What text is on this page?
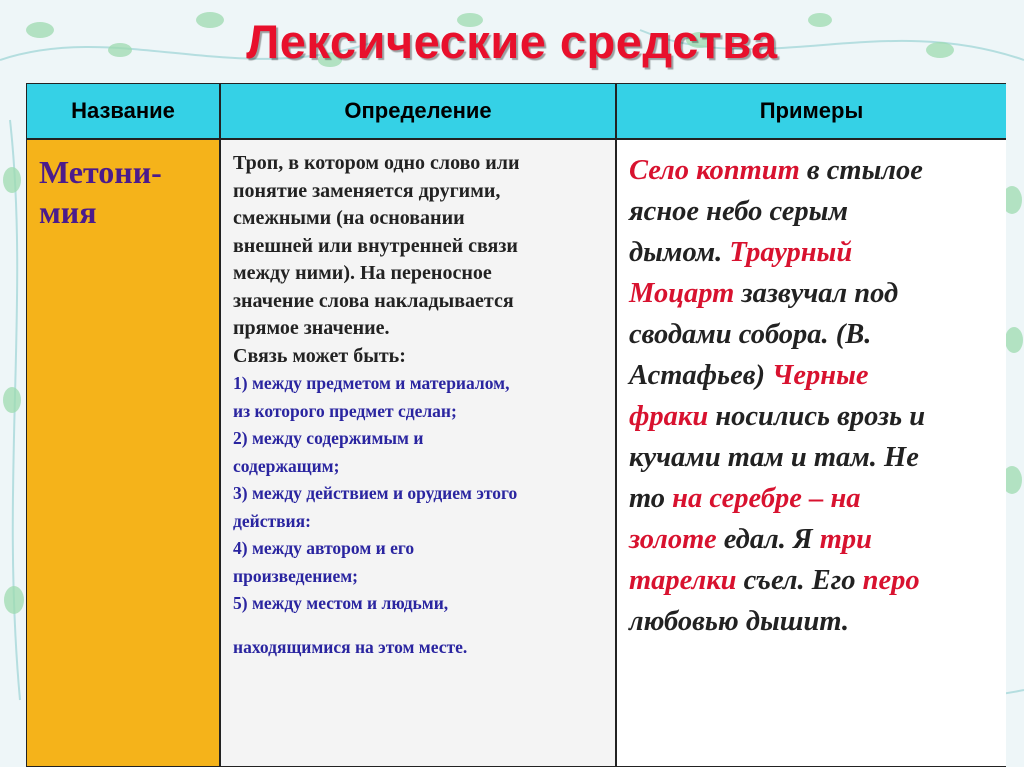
Лексические средства
Название	Определение	Примеры
Метони-
мия
Троп, в котором одно слово или
понятие заменяется другими,
смежными (на основании
внешней или внутренней связи
между ними). На переносное
значение слова накладывается
прямое значение.
Связь может быть:
1) между предметом и материалом,
из которого предмет сделан;
2) между содержимым и
содержащим;
3) между действием и орудием этого
действия:
4) между автором и его
произведением;
5) между местом и людьми,
находящимися на этом месте.
Село коптит в стылое
ясное небо серым
дымом. Траурный
Моцарт зазвучал под
сводами собора. (В.
Астафьев) Черные
фраки носились врозь и
кучами там и там. Не
то на серебре – на
золоте едал. Я три
тарелки съел. Его перо
любовью дышит.
